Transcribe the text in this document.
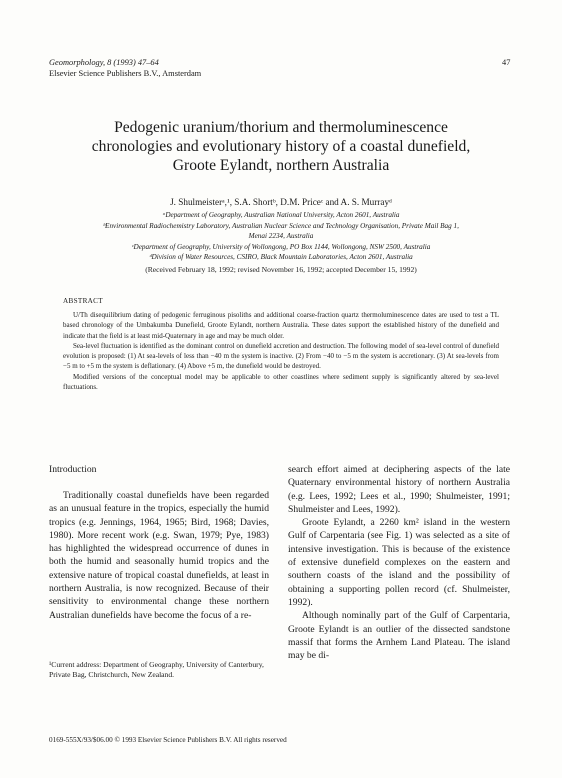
Geomorphology, 8 (1993) 47–64
Elsevier Science Publishers B.V., Amsterdam
47
Pedogenic uranium/thorium and thermoluminescence
chronologies and evolutionary history of a coastal dunefield,
Groote Eylandt, northern Australia
J. Shulmeisterᵃ,¹, S.A. Shortᵇ, D.M. Priceᶜ and A. S. Murrayᵈ
ᵃDepartment of Geography, Australian National University, Acton 2601, Australia
ᵇEnvironmental Radiochemistry Laboratory, Australian Nuclear Science and Technology Organisation, Private Mail Bag 1,
Menai 2234, Australia
ᶜDepartment of Geography, University of Wollongong, PO Box 1144, Wollongong, NSW 2500, Australia
ᵈDivision of Water Resources, CSIRO, Black Mountain Laboratories, Acton 2601, Australia
(Received February 18, 1992; revised November 16, 1992; accepted December 15, 1992)
ABSTRACT

U/Th disequilibrium dating of pedogenic ferruginous pisoliths and additional coarse-fraction quartz thermoluminescence dates are used to test a TL based chronology of the Umbakumba Dunefield, Groote Eylandt, northern Australia. These dates support the established history of the dunefield and indicate that the field is at least mid-Quaternary in age and may be much older.

Sea-level fluctuation is identified as the dominant control on dunefield accretion and destruction. The following model of sea-level control of dunefield evolution is proposed: (1) At sea-levels of less than −40 m the system is inactive. (2) From −40 to −5 m the system is accretionary. (3) At sea-levels from −5 m to +5 m the system is deflationary. (4) Above +5 m, the dunefield would be destroyed.

Modified versions of the conceptual model may be applicable to other coastlines where sediment supply is significantly altered by sea-level fluctuations.

Introduction

Traditionally coastal dunefields have been regarded as an unusual feature in the tropics, especially the humid tropics (e.g. Jennings, 1964, 1965; Bird, 1968; Davies, 1980). More recent work (e.g. Swan, 1979; Pye, 1983) has highlighted the widespread occurrence of dunes in both the humid and seasonally humid tropics and the extensive nature of tropical coastal dunefields, at least in northern Australia, is now recognized. Because of their sensitivity to environmental change these northern Australian dunefields have become the focus of a re-

¹Current address: Department of Geography, University of Canterbury, Private Bag, Christchurch, New Zealand.

search effort aimed at deciphering aspects of the late Quaternary environmental history of northern Australia (e.g. Lees, 1992; Lees et al., 1990; Shulmeister, 1991; Shulmeister and Lees, 1992).

Groote Eylandt, a 2260 km² island in the western Gulf of Carpentaria (see Fig. 1) was selected as a site of intensive investigation. This is because of the existence of extensive dunefield complexes on the eastern and southern coasts of the island and the possibility of obtaining a supporting pollen record (cf. Shulmeister, 1992).

Although nominally part of the Gulf of Carpentaria, Groote Eylandt is an outlier of the dissected sandstone massif that forms the Arnhem Land Plateau. The island may be di-

0169-555X/93/$06.00 © 1993 Elsevier Science Publishers B.V. All rights reserved
